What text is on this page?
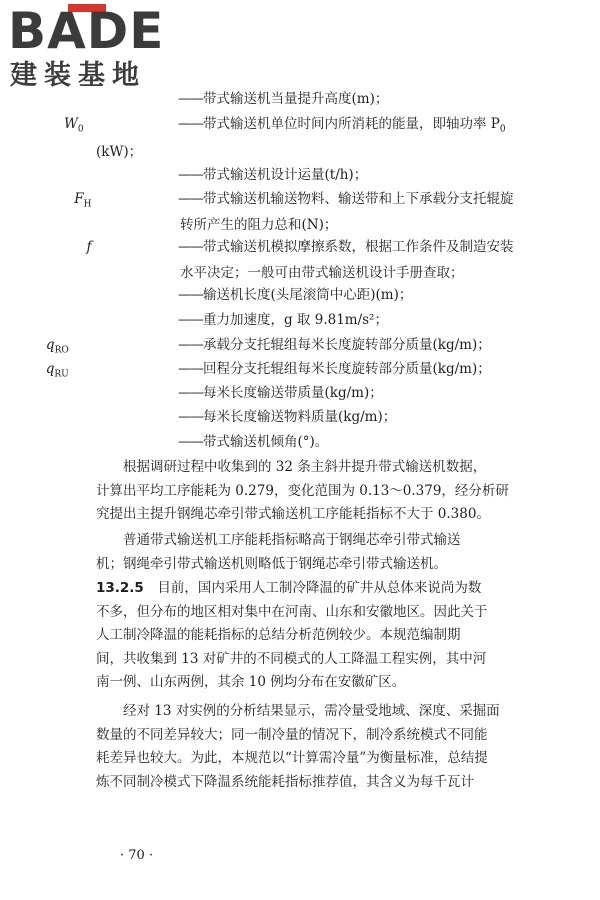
BADE
建装基地
——带式输送机当量提升高度(m)；
$W_0$	——带式输送机单位时间内所消耗的能量，即轴功率 $P_0$
(kW)；
——带式输送机设计运量(t/h)；
$F_H$	——带式输送机输送物料、输送带和上下承载分支托辊旋
转所产生的阻力总和(N)；
f	——带式输送机模拟摩擦系数，根据工作条件及制造安装
水平决定；一般可由带式输送机设计手册查取；
——输送机长度(头尾滚筒中心距)(m)；
——重力加速度，g 取 9.81m/s²；
$q_{RO}$	——承载分支托辊组每米长度旋转部分质量(kg/m)；
$q_{RU}$	——回程分支托辊组每米长度旋转部分质量(kg/m)；
——每米长度输送带质量(kg/m)；
——每米长度输送物料质量(kg/m)；
——带式输送机倾角(°)。
　　根据调研过程中收集到的 32 条主斜井提升带式输送机数据，
计算出平均工序能耗为 0.279，变化范围为 0.13～0.379，经分析研
究提出主提升钢绳芯牵引带式输送机工序能耗指标不大于 0.380。
　　普通带式输送机工序能耗指标略高于钢绳芯牵引带式输送
机；钢绳牵引带式输送机则略低于钢绳芯牵引带式输送机。
13.2.5　 目前，国内采用人工制冷降温的矿井从总体来说尚为数
不多，但分布的地区相对集中在河南、山东和安徽地区。因此关于
人工制冷降温的能耗指标的总结分析范例较少。本规范编制期
间，共收集到 13 对矿井的不同模式的人工降温工程实例，其中河
南一例、山东两例，其余 10 例均分布在安徽矿区。
　　经对 13 对实例的分析结果显示，需冷量受地域、深度、采掘面
数量的不同差异较大；同一制冷量的情况下，制冷系统模式不同能
耗差异也较大。为此，本规范以“计算需冷量”为衡量标准，总结提
炼不同制冷模式下降温系统能耗指标推荐值，其含义为每千瓦计
· 70 ·
